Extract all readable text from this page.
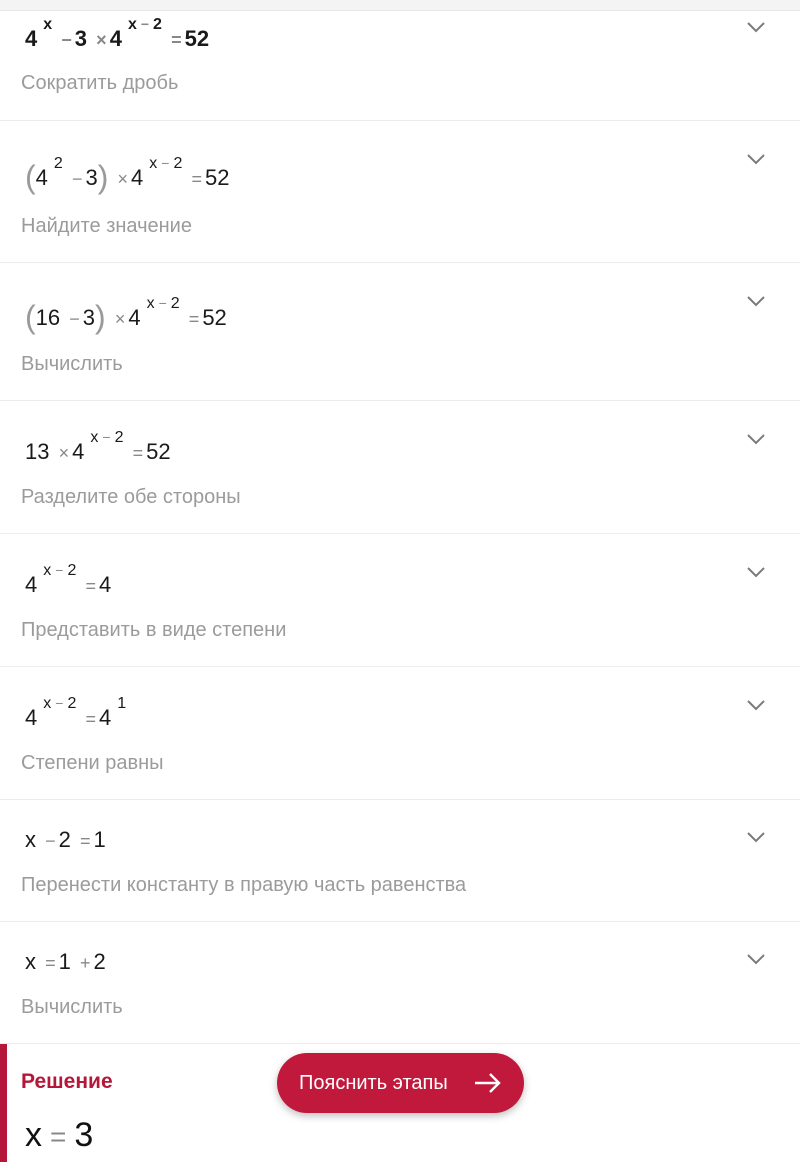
$4^x - 3 \times 4^{x - 2} = 52$
Сократить дробь
$(4^2 - 3) \times 4^{x - 2} = 52$
Найдите значение
$(16 - 3) \times 4^{x - 2} = 52$
Вычислить
$13 \times 4^{x - 2} = 52$
Разделите обе стороны
$4^{x - 2} = 4$
Представить в виде степени
$4^{x - 2} = 4^1$
Степени равны
x − 2 = 1
Перенести константу в правую часть равенства
x = 1 + 2
Вычислить
Решение
x = 3
Пояснить этапы
